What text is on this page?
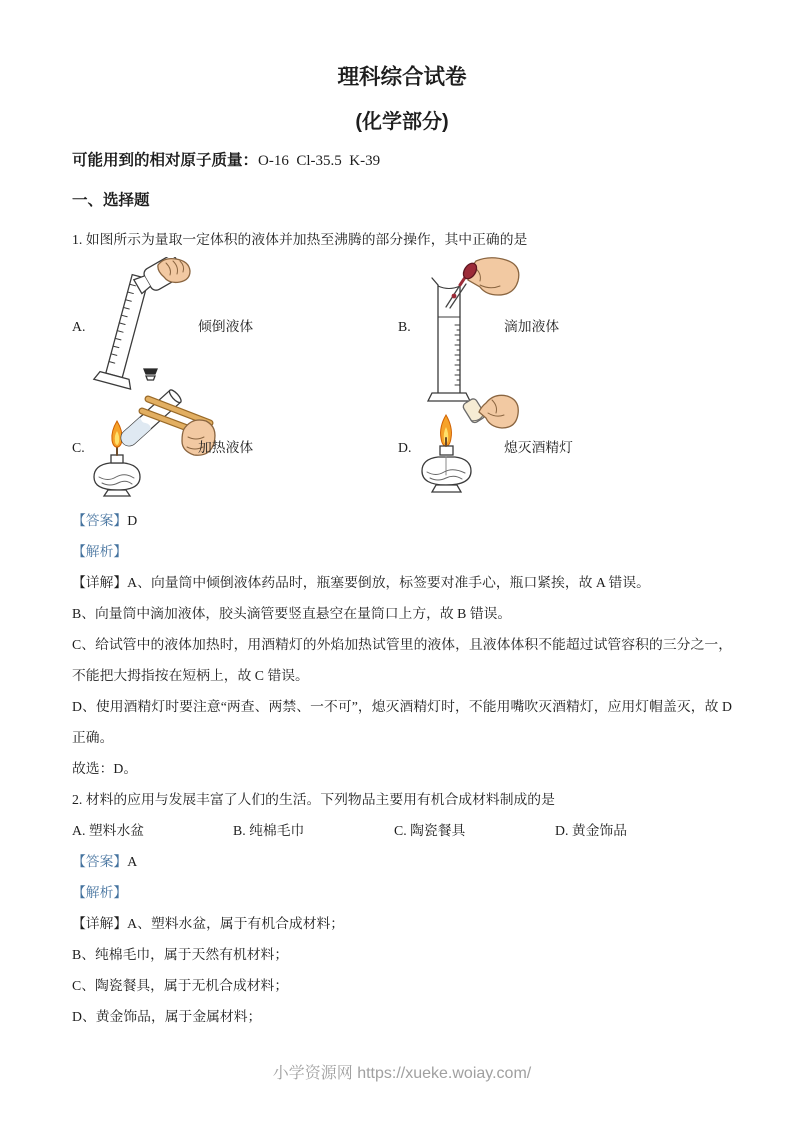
理科综合试卷
(化学部分)

可能用到的相对原子质量：O-16  Cl-35.5  K-39

一、选择题

1. 如图所示为量取一定体积的液体并加热至沸腾的部分操作，其中正确的是

A.	倾倒液体	B.	滴加液体
C.	加热液体	D.	熄灭酒精灯

【答案】D

【解析】

【详解】A、向量筒中倾倒液体药品时，瓶塞要倒放，标签要对准手心，瓶口紧挨，故 A 错误。

B、向量筒中滴加液体，胶头滴管要竖直悬空在量筒口上方，故 B 错误。

C、给试管中的液体加热时，用酒精灯的外焰加热试管里的液体，且液体体积不能超过试管容积的三分之一，不能把大拇指按在短柄上，故 C 错误。

D、使用酒精灯时要注意“两查、两禁、一不可”，熄灭酒精灯时，不能用嘴吹灭酒精灯，应用灯帽盖灭，故 D 正确。

故选：D。

2. 材料的应用与发展丰富了人们的生活。下列物品主要用有机合成材料制成的是

A. 塑料水盆	B. 纯棉毛巾	C. 陶瓷餐具	D. 黄金饰品

【答案】A

【解析】

【详解】A、塑料水盆，属于有机合成材料；

B、纯棉毛巾，属于天然有机材料；

C、陶瓷餐具，属于无机合成材料；

D、黄金饰品，属于金属材料；

小学资源网 https://xueke.woiay.com/
